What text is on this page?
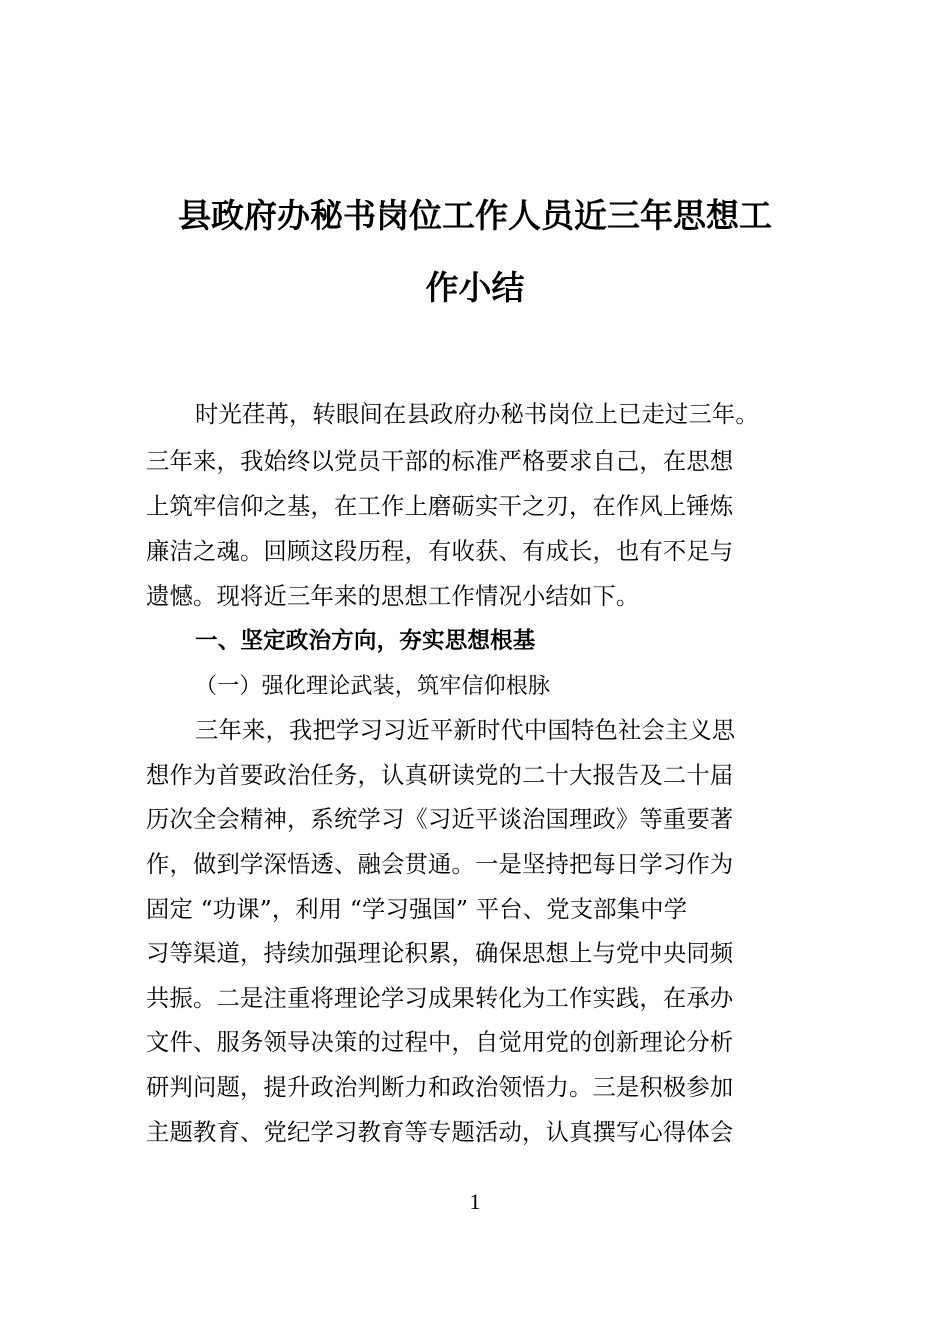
县政府办秘书岗位工作人员近三年思想工
作小结
时光荏苒，转眼间在县政府办秘书岗位上已走过三年。
三年来，我始终以党员干部的标准严格要求自己，在思想
上筑牢信仰之基，在工作上磨砺实干之刃，在作风上锤炼
廉洁之魂。回顾这段历程，有收获、有成长，也有不足与
遗憾。现将近三年来的思想工作情况小结如下。
一、坚定政治方向，夯实思想根基
（一）强化理论武装，筑牢信仰根脉
三年来，我把学习习近平新时代中国特色社会主义思
想作为首要政治任务，认真研读党的二十大报告及二十届
历次全会精神，系统学习《习近平谈治国理政》等重要著
作，做到学深悟透、融会贯通。一是坚持把每日学习作为
固定 “功课”，利用 “学习强国” 平台、党支部集中学
习等渠道，持续加强理论积累，确保思想上与党中央同频
共振。二是注重将理论学习成果转化为工作实践，在承办
文件、服务领导决策的过程中，自觉用党的创新理论分析
研判问题，提升政治判断力和政治领悟力。三是积极参加
主题教育、党纪学习教育等专题活动，认真撰写心得体会
1
